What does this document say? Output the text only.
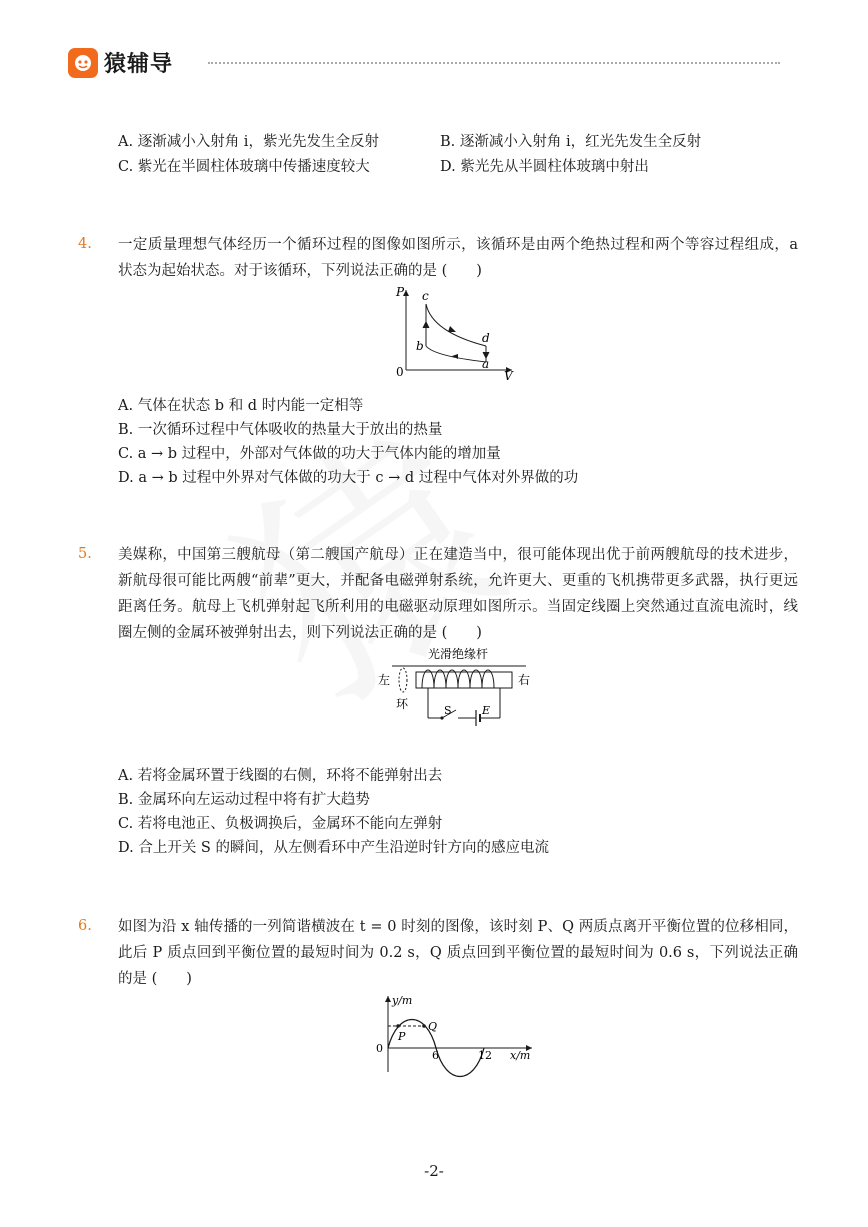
猿辅导
A. 逐渐减小入射角 i，紫光先发生全反射	B. 逐渐减小入射角 i，红光先发生全反射
C. 紫光在半圆柱体玻璃中传播速度较大	D. 紫光先从半圆柱体玻璃中射出
4. 一定质量理想气体经历一个循环过程的图像如图所示，该循环是由两个绝热过程和两个等容过程组成，a 状态为起始状态。对于该循环，下列说法正确的是 (　　)
P
V
0
a
b
c
d
A. 气体在状态 b 和 d 时内能一定相等
B. 一次循环过程中气体吸收的热量大于放出的热量
C. a → b 过程中，外部对气体做的功大于气体内能的增加量
D. a → b 过程中外界对气体做的功大于 c → d 过程中气体对外界做的功
5. 美媒称，中国第三艘航母（第二艘国产航母）正在建造当中，很可能体现出优于前两艘航母的技术进步，新航母很可能比两艘“前辈”更大，并配备电磁弹射系统，允许更大、更重的飞机携带更多武器，执行更远距离任务。航母上飞机弹射起飞所利用的电磁驱动原理如图所示。当固定线圈上突然通过直流电流时，线圈左侧的金属环被弹射出去，则下列说法正确的是 (　　)
光滑绝缘杆
左	右
环	S	E
A. 若将金属环置于线圈的右侧，环将不能弹射出去
B. 金属环向左运动过程中将有扩大趋势
C. 若将电池正、负极调换后，金属环不能向左弹射
D. 合上开关 S 的瞬间，从左侧看环中产生沿逆时针方向的感应电流
6. 如图为沿 x 轴传播的一列简谐横波在 t = 0 时刻的图像，该时刻 P、Q 两质点离开平衡位置的位移相同，此后 P 质点回到平衡位置的最短时间为 0.2 s，Q 质点回到平衡位置的最短时间为 0.6 s，下列说法正确的是 (　　)
y/m
x/m
0
6	12
P
Q
-2-
